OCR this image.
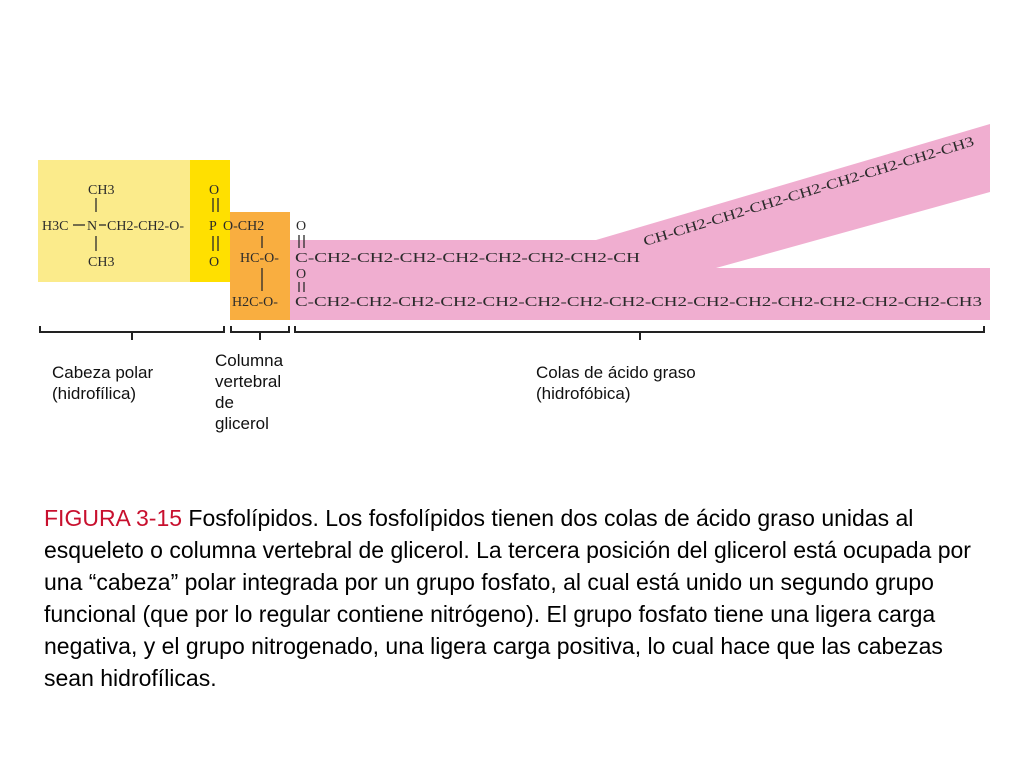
CH3
H3C N CH2-CH2-O-
CH3
O
P
O
O-CH2
HC-O-
H2C-O-
O
O
C-CH2-CH2-CH2-CH2-CH2-CH2-CH2-CH
CH-CH2-CH2-CH2-CH2-CH2-CH2-CH2-CH3
C-CH2-CH2-CH2-CH2-CH2-CH2-CH2-CH2-CH2-CH2-CH2-CH2-CH2-CH2-CH2-CH3
Cabeza polar
(hidrofílica)
Columna
vertebral
de
glicerol
Colas de ácido graso
(hidrofóbica)
FIGURA 3-15 Fosfolípidos. Los fosfolípidos tienen dos colas de ácido graso unidas al esqueleto o columna vertebral de glicerol. La tercera posición del glicerol está ocupada por una “cabeza” polar integrada por un grupo fosfato, al cual está unido un segundo grupo funcional (que por lo regular contiene nitrógeno). El grupo fosfato tiene una ligera carga negativa, y el grupo nitrogenado, una ligera carga positiva, lo cual hace que las cabezas sean hidrofílicas.
